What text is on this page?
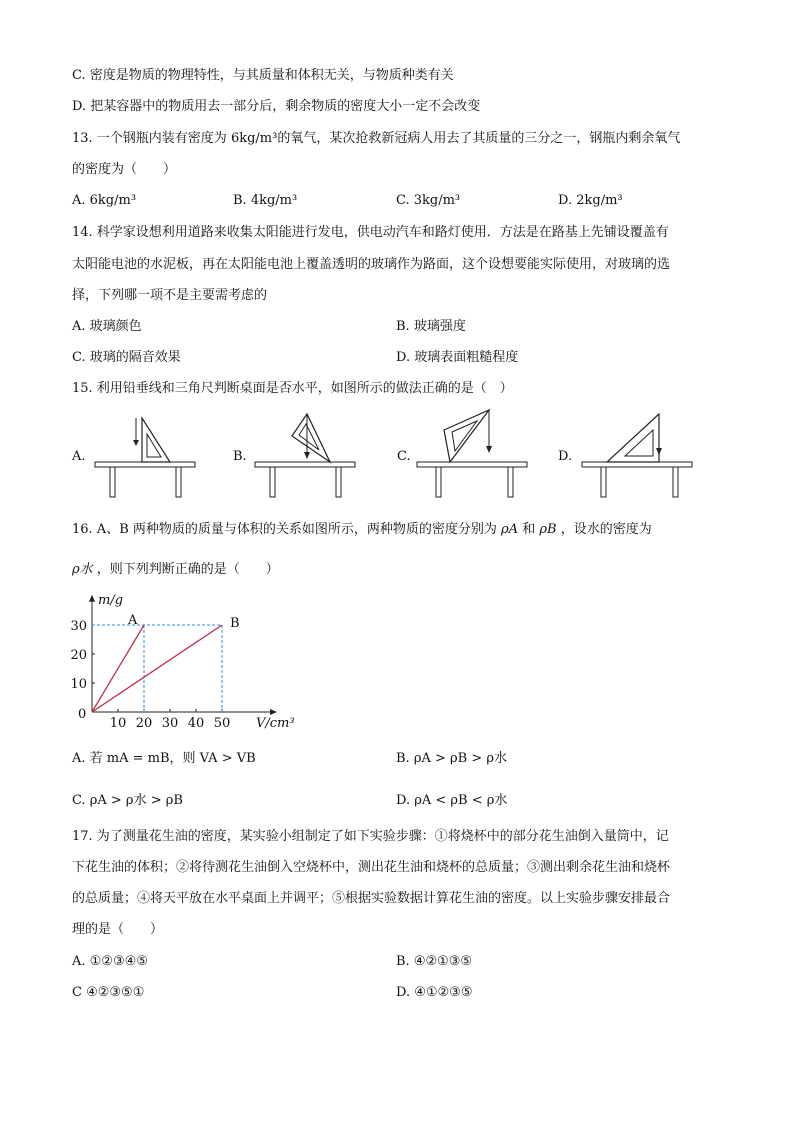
C. 密度是物质的物理特性，与其质量和体积无关，与物质种类有关
D. 把某容器中的物质用去一部分后，剩余物质的密度大小一定不会改变
13. 一个钢瓶内装有密度为 6kg/m³的氧气，某次抢救新冠病人用去了其质量的三分之一，钢瓶内剩余氧气
的密度为（　　）
A. 6kg/m³	B. 4kg/m³	C. 3kg/m³	D. 2kg/m³
14. 科学家设想利用道路来收集太阳能进行发电，供电动汽车和路灯使用．方法是在路基上先铺设覆盖有
太阳能电池的水泥板，再在太阳能电池上覆盖透明的玻璃作为路面，这个设想要能实际使用，对玻璃的选
择，下列哪一项不是主要需考虑的
A. 玻璃颜色	B. 玻璃强度
C. 玻璃的隔音效果	D. 玻璃表面粗糙程度
15. 利用铅垂线和三角尺判断桌面是否水平，如图所示的做法正确的是（　）
A.	B.	C.	D.
16. A、B 两种物质的质量与体积的关系如图所示，两种物质的密度分别为 ρA 和 ρB ，设水的密度为
ρ水 ，则下列判断正确的是（　　）
10 20 30 40 50
10
20
30	A	B
m/g
V/cm³
0
A. 若 mA = mB，则 VA > VB	B. ρA > ρB > ρ水
C. ρA > ρ水 > ρB	D. ρA < ρB < ρ水
17. 为了测量花生油的密度，某实验小组制定了如下实验步骤：①将烧杯中的部分花生油倒入量筒中，记
下花生油的体积；②将待测花生油倒入空烧杯中，测出花生油和烧杯的总质量；③测出剩余花生油和烧杯
的总质量；④将天平放在水平桌面上并调平；⑤根据实验数据计算花生油的密度。以上实验步骤安排最合
理的是（　　）
A. ①②③④⑤	B. ④②①③⑤
C ④②③⑤①	D. ④①②③⑤
